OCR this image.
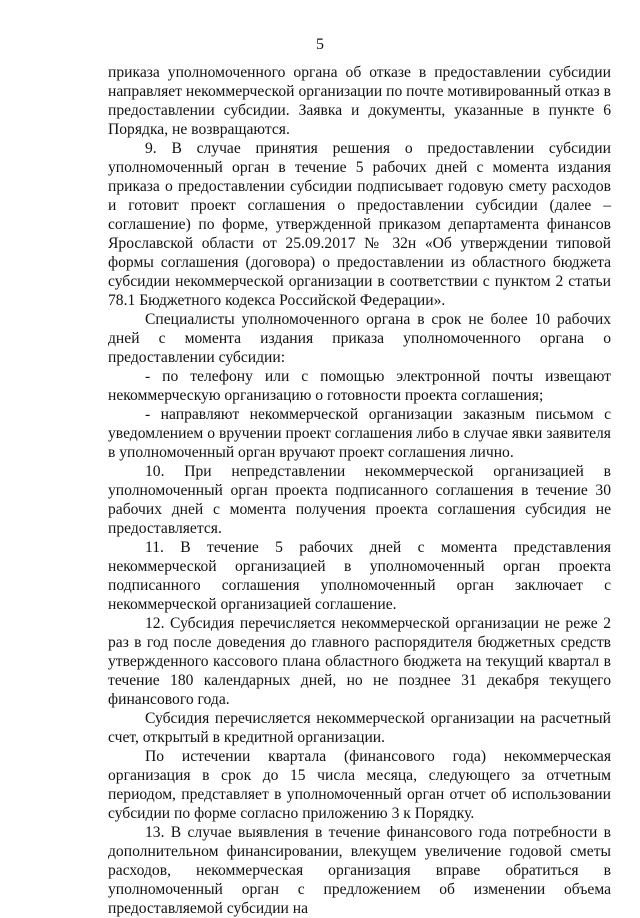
5

приказа уполномоченного органа об отказе в предоставлении субсидии направляет некоммерческой организации по почте мотивированный отказ в предоставлении субсидии. Заявка и документы, указанные в пункте 6 Порядка, не возвращаются.

9. В случае принятия решения о предоставлении субсидии уполномоченный орган в течение 5 рабочих дней с момента издания приказа о предоставлении субсидии подписывает годовую смету расходов и готовит проект соглашения о предоставлении субсидии (далее – соглашение) по форме, утвержденной приказом департамента финансов Ярославской области от 25.09.2017 № 32н «Об утверждении типовой формы соглашения (договора) о предоставлении из областного бюджета субсидии некоммерческой организации в соответствии с пунктом 2 статьи 78.1 Бюджетного кодекса Российской Федерации».

Специалисты уполномоченного органа в срок не более 10 рабочих дней с момента издания приказа уполномоченного органа о предоставлении субсидии:

- по телефону или с помощью электронной почты извещают некоммерческую организацию о готовности проекта соглашения;

- направляют некоммерческой организации заказным письмом с уведомлением о вручении проект соглашения либо в случае явки заявителя в уполномоченный орган вручают проект соглашения лично.

10. При непредставлении некоммерческой организацией в уполномоченный орган проекта подписанного соглашения в течение 30 рабочих дней с момента получения проекта соглашения субсидия не предоставляется.

11. В течение 5 рабочих дней с момента представления некоммерческой организацией в уполномоченный орган проекта подписанного соглашения уполномоченный орган заключает с некоммерческой организацией соглашение.

12. Субсидия перечисляется некоммерческой организации не реже 2 раз в год после доведения до главного распорядителя бюджетных средств утвержденного кассового плана областного бюджета на текущий квартал в течение 180 календарных дней, но не позднее 31 декабря текущего финансового года.

Субсидия перечисляется некоммерческой организации на расчетный счет, открытый в кредитной организации.

По истечении квартала (финансового года) некоммерческая организация в срок до 15 числа месяца, следующего за отчетным периодом, представляет в уполномоченный орган отчет об использовании субсидии по форме согласно приложению 3 к Порядку.

13. В случае выявления в течение финансового года потребности в дополнительном финансировании, влекущем увеличение годовой сметы расходов, некоммерческая организация вправе обратиться в уполномоченный орган с предложением об изменении объема предоставляемой субсидии на
